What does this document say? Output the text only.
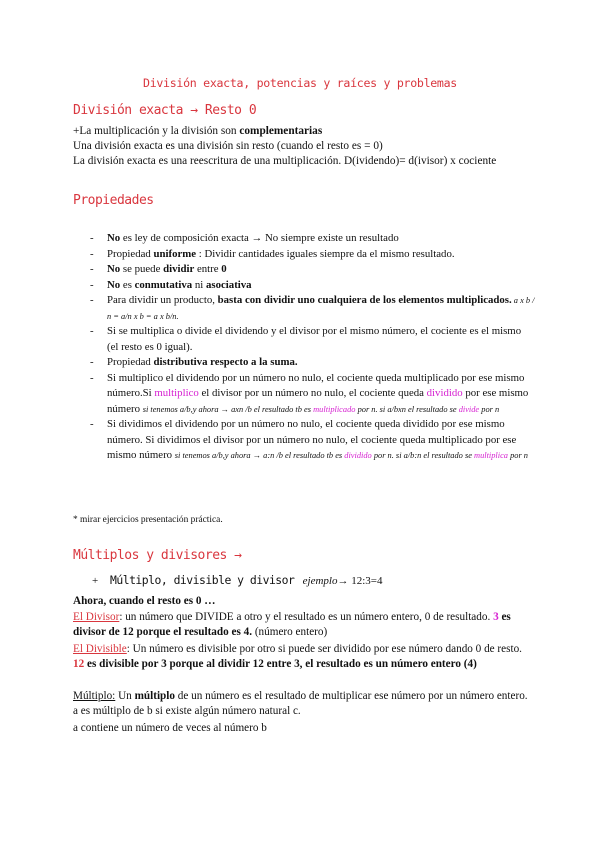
División exacta, potencias y raíces y problemas
División exacta → Resto 0

+La multiplicación y la división son complementarias

Una división exacta es una división sin resto (cuando el resto es = 0)

La división exacta es una reescritura de una multiplicación. D(ividendo)= d(ivisor) x cociente

Propiedades
- No es ley de composición exacta → No siempre existe un resultado
- Propiedad uniforme : Dividir cantidades iguales siempre da el mismo resultado.
- No se puede dividir entre 0
- No es conmutativa ni asociativa
- Para dividir un producto, basta con dividir uno cualquiera de los elementos multiplicados. a x b / n = a/n x b = a x b/n.
- Si se multiplica o divide el dividendo y el divisor por el mismo número, el cociente es el mismo (el resto es 0 igual).
- Propiedad distributiva respecto a la suma.
- Si multiplico el dividendo por un número no nulo, el cociente queda multiplicado por ese mismo número.Si multiplico el divisor por un número no nulo, el cociente queda dividido por ese mismo número si tenemos a/b,y ahora → axn /b el resultado tb es multiplicado por n. si a/bxn el resultado se divide por n
- Si dividimos el dividendo por un número no nulo, el cociente queda dividido por ese mismo número. Si dividimos el divisor por un número no nulo, el cociente queda multiplicado por ese mismo número si tenemos a/b,y ahora → a:n /b el resultado tb es dividido por n. si a/b:n el resultado se multiplica por n

* mirar ejercicios presentación práctica.

Múltiplos y divisores →

+ Múltiplo, divisible y divisor ejemplo→ 12:3=4

Ahora, cuando el resto es 0 …

El Divisor: un número que DIVIDE a otro y el resultado es un número entero, 0 de resultado. 3 es divisor de 12 porque el resultado es 4. (número entero)

El Divisible: Un número es divisible por otro si puede ser dividido por ese número dando 0 de resto. 12 es divisible por 3 porque al dividir 12 entre 3, el resultado es un número entero (4)

Múltiplo: Un múltiplo de un número es el resultado de multiplicar ese número por un número entero. a es múltiplo de b si existe algún número natural c.

a contiene un número de veces al número b
